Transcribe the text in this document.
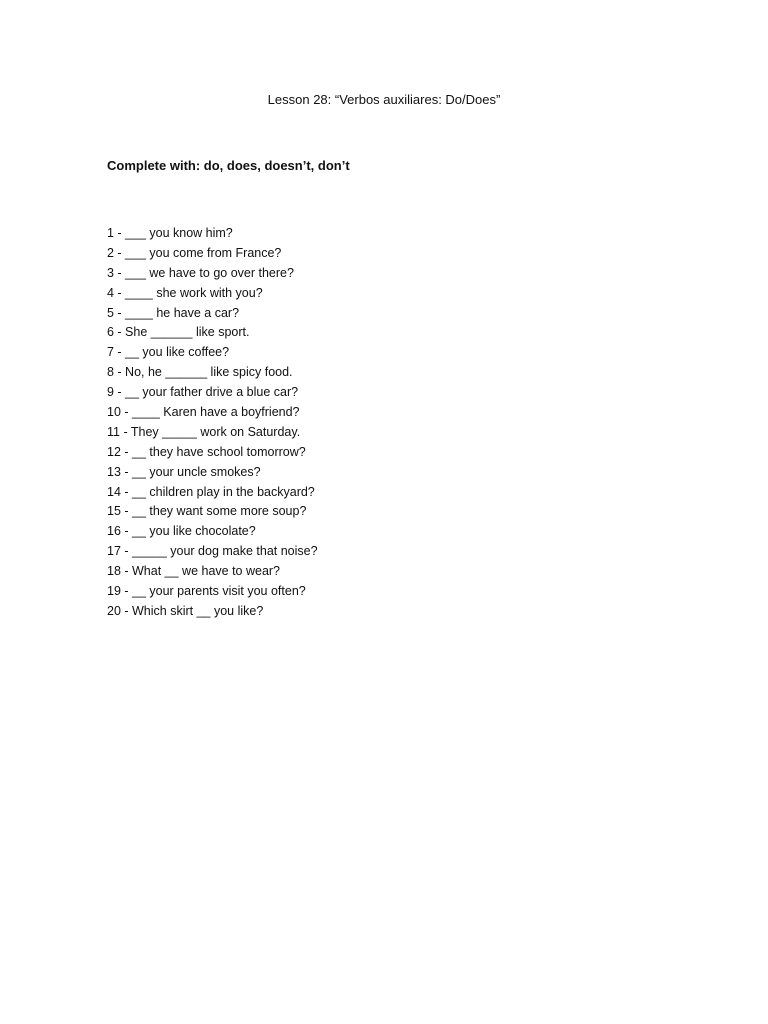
Lesson 28: “Verbos auxiliares: Do/Does”
Complete with: do, does, doesn’t, don’t
1 - ___ you know him?
2 - ___ you come from France?
3 - ___ we have to go over there?
4 - ____ she work with you?
5 - ____ he have a car?
6 - She ______ like sport.
7 - __ you like coffee?
8 - No, he ______ like spicy food.
9 - __ your father drive a blue car?
10 - ____ Karen have a boyfriend?
11 - They _____ work on Saturday.
12 - __ they have school tomorrow?
13 - __ your uncle smokes?
14 - __ children play in the backyard?
15 - __ they want some more soup?
16 - __ you like chocolate?
17 - _____ your dog make that noise?
18 - What __ we have to wear?
19 - __ your parents visit you often?
20 - Which skirt __ you like?
